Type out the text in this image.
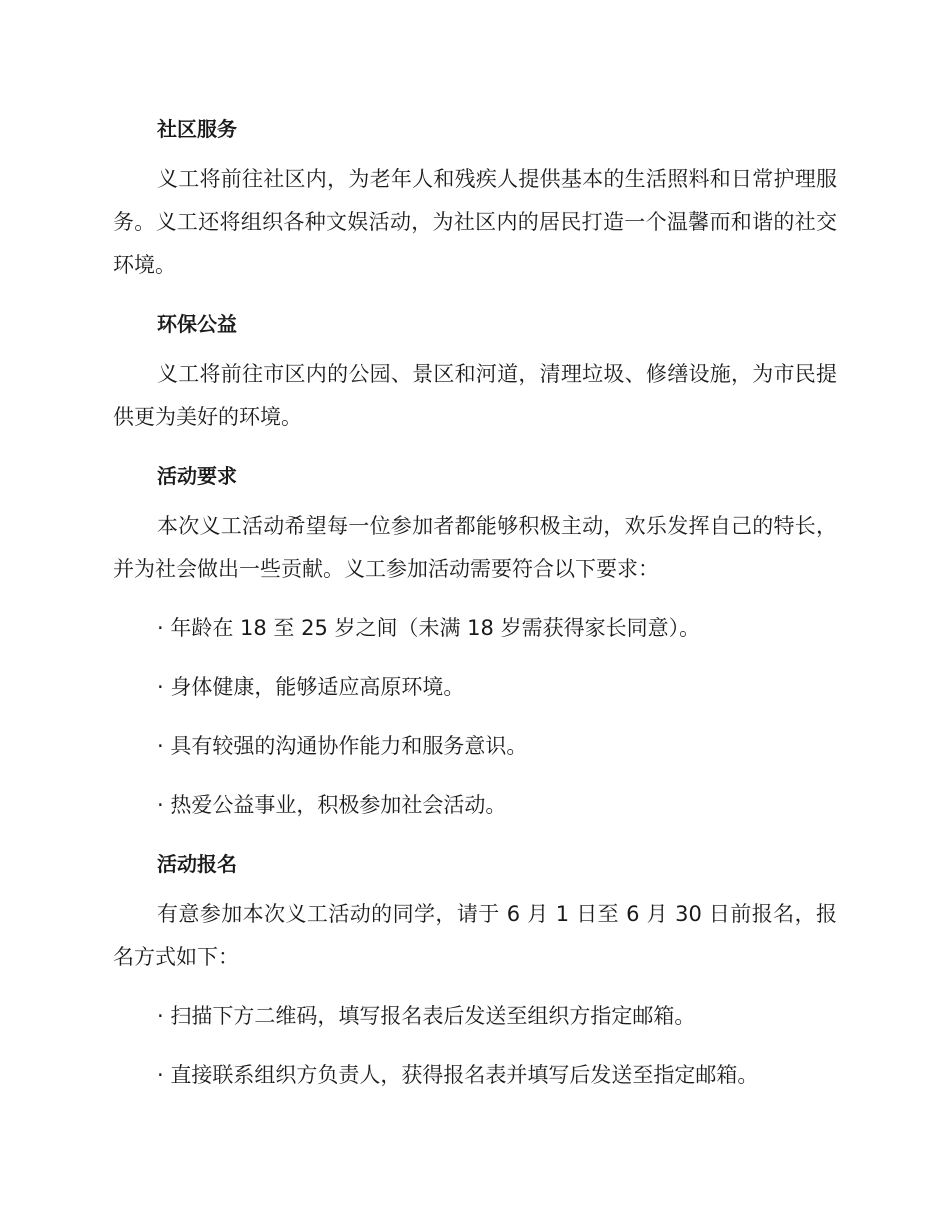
社区服务

义工将前往社区内，为老年人和残疾人提供基本的生活照料和日常护理服务。义工还将组织各种文娱活动，为社区内的居民打造一个温馨而和谐的社交环境。

环保公益

义工将前往市区内的公园、景区和河道，清理垃圾、修缮设施，为市民提供更为美好的环境。

活动要求

本次义工活动希望每一位参加者都能够积极主动，欢乐发挥自己的特长，并为社会做出一些贡献。义工参加活动需要符合以下要求：

· 年龄在 18 至 25 岁之间（未满 18 岁需获得家长同意）。
· 身体健康，能够适应高原环境。
· 具有较强的沟通协作能力和服务意识。
· 热爱公益事业，积极参加社会活动。
活动报名

有意参加本次义工活动的同学，请于 6 月 1 日至 6 月 30 日前报名，报名方式如下：

· 扫描下方二维码，填写报名表后发送至组织方指定邮箱。
· 直接联系组织方负责人，获得报名表并填写后发送至指定邮箱。
